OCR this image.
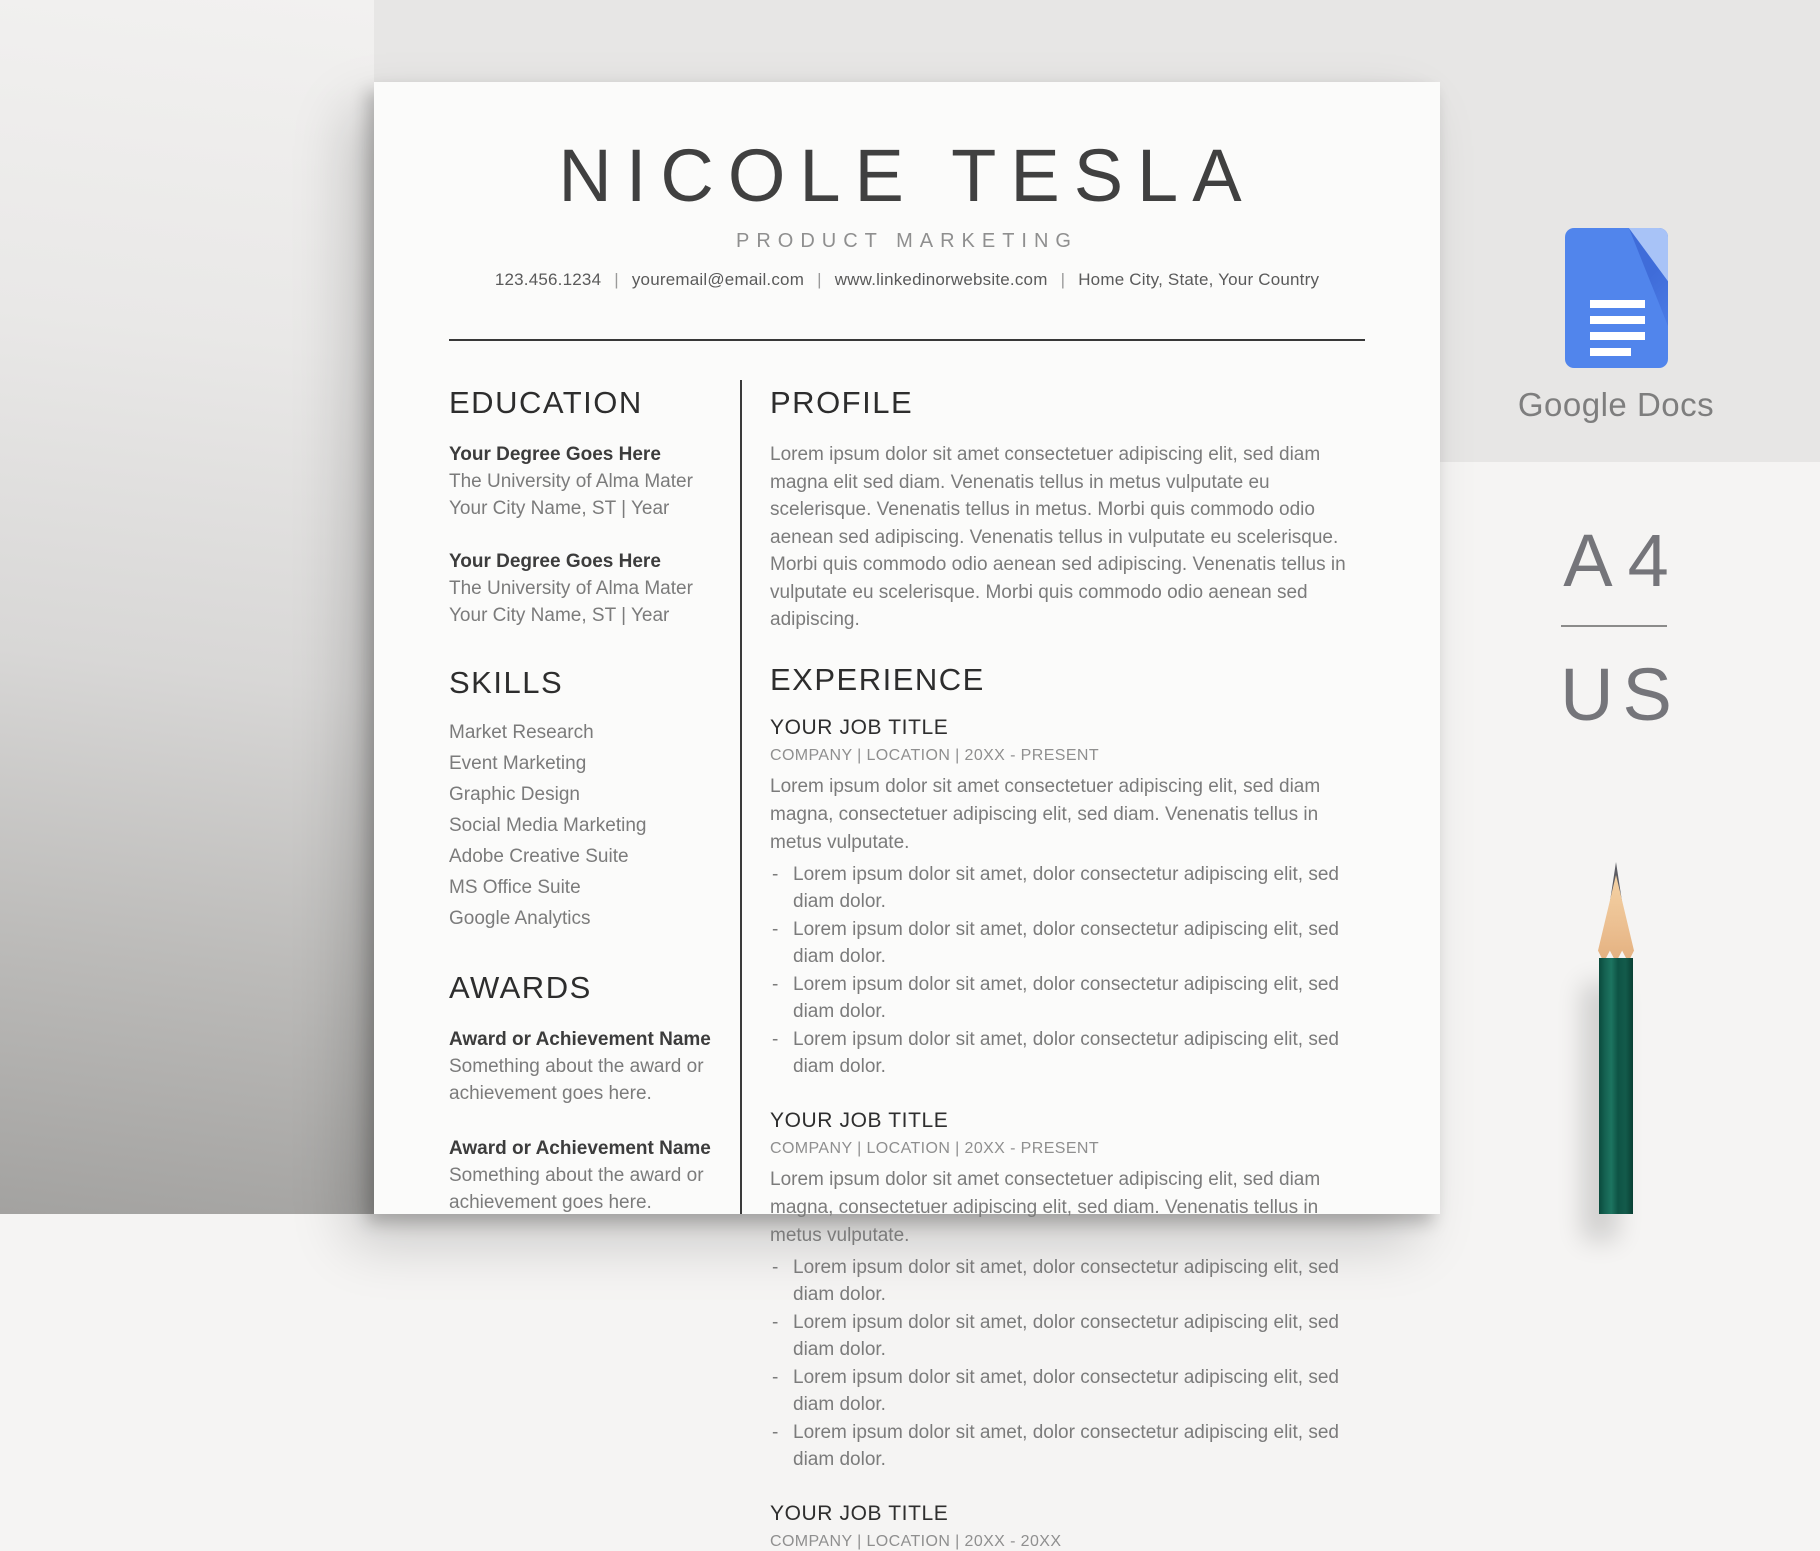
NICOLE TESLA
PRODUCT MARKETING
123.456.1234 | youremail@email.com | www.linkedinorwebsite.com | Home City, State, Your Country
EDUCATION
Your Degree Goes Here
The University of Alma Mater
Your City Name, ST | Year
Your Degree Goes Here
The University of Alma Mater
Your City Name, ST | Year
SKILLS
Market Research
Event Marketing
Graphic Design
Social Media Marketing
Adobe Creative Suite
MS Office Suite
Google Analytics
AWARDS
Award or Achievement Name
Something about the award or achievement goes here.
Award or Achievement Name
Something about the award or achievement goes here.
PROFILE

Lorem ipsum dolor sit amet consectetuer adipiscing elit, sed diam magna elit sed diam. Venenatis tellus in metus vulputate eu scelerisque. Venenatis tellus in metus. Morbi quis commodo odio aenean sed adipiscing. Venenatis tellus in vulputate eu scelerisque. Morbi quis commodo odio aenean sed adipiscing. Venenatis tellus in vulputate eu scelerisque. Morbi quis commodo odio aenean sed adipiscing.

EXPERIENCE
YOUR JOB TITLE
COMPANY | LOCATION | 20XX - PRESENT

Lorem ipsum dolor sit amet consectetuer adipiscing elit, sed diam magna, consectetuer adipiscing elit, sed diam. Venenatis tellus in metus vulputate.

- Lorem ipsum dolor sit amet, dolor consectetur adipiscing elit, sed diam dolor.
- Lorem ipsum dolor sit amet, dolor consectetur adipiscing elit, sed diam dolor.
- Lorem ipsum dolor sit amet, dolor consectetur adipiscing elit, sed diam dolor.
- Lorem ipsum dolor sit amet, dolor consectetur adipiscing elit, sed diam dolor.
YOUR JOB TITLE
COMPANY | LOCATION | 20XX - PRESENT

Lorem ipsum dolor sit amet consectetuer adipiscing elit, sed diam magna, consectetuer adipiscing elit, sed diam. Venenatis tellus in metus vulputate.

- Lorem ipsum dolor sit amet, dolor consectetur adipiscing elit, sed diam dolor.
- Lorem ipsum dolor sit amet, dolor consectetur adipiscing elit, sed diam dolor.
- Lorem ipsum dolor sit amet, dolor consectetur adipiscing elit, sed diam dolor.
- Lorem ipsum dolor sit amet, dolor consectetur adipiscing elit, sed diam dolor.
YOUR JOB TITLE
COMPANY | LOCATION | 20XX - 20XX
Google Docs
A4
US
